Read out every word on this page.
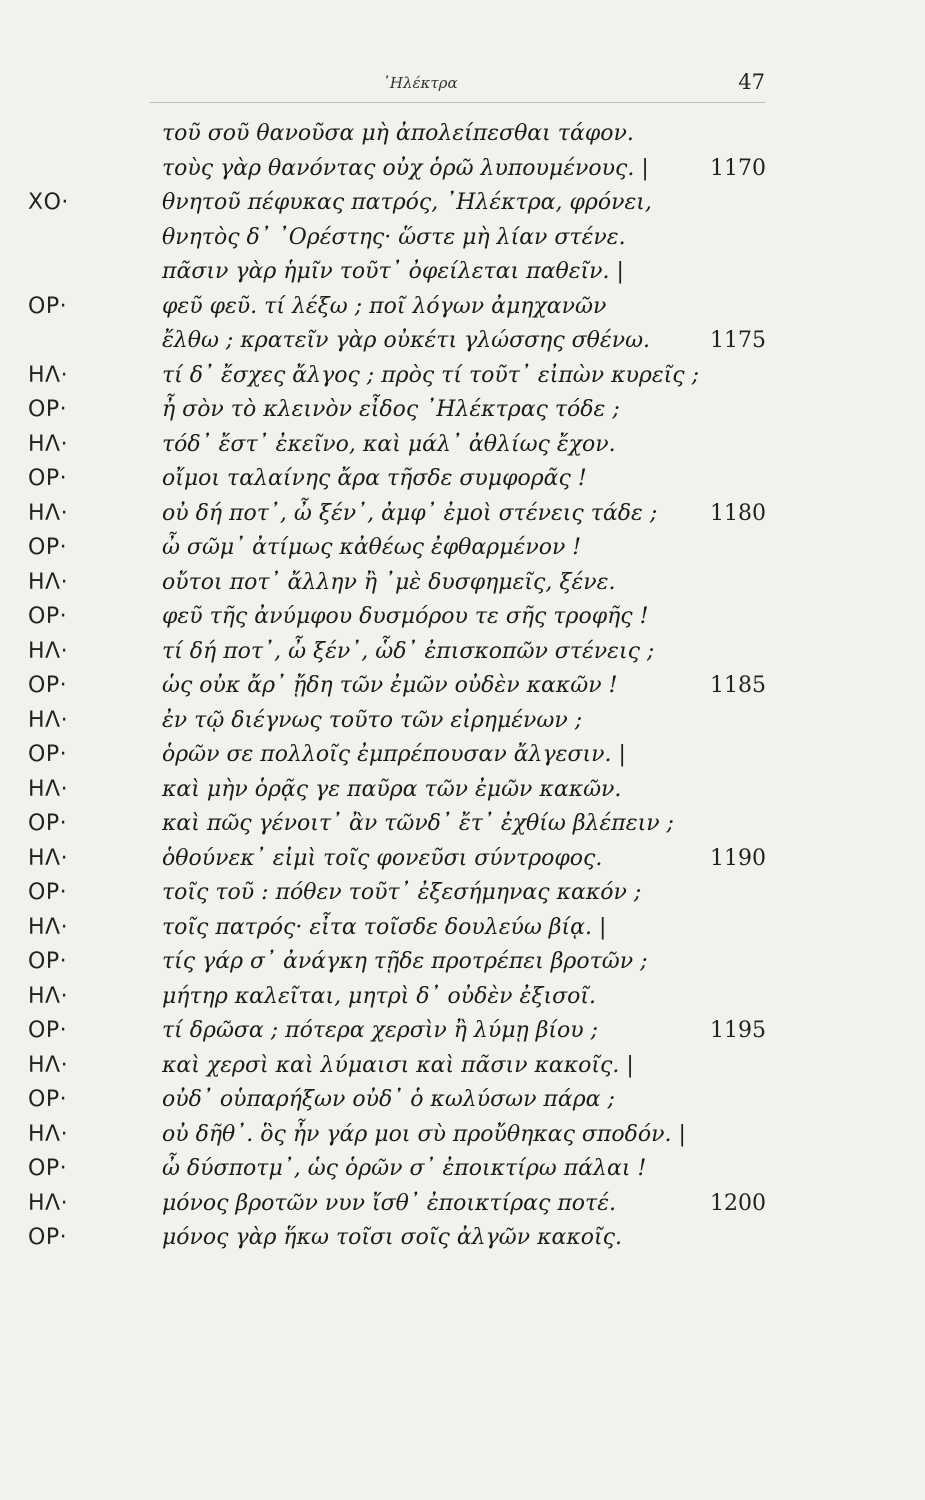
᾿Ηλέκτρα	47
τοῦ σοῦ θανοῦσα μὴ ἀπολείπεσθαι τάφον.
τοὺς γὰρ θανόντας οὐχ ὁρῶ λυπουμένους. |	1170
ΧΟ·	θνητοῦ πέφυκας πατρός, ᾿Ηλέκτρα, φρόνει,
θνητὸς δ᾿ ᾿Ορέστης· ὥστε μὴ λίαν στένε.
πᾶσιν γὰρ ἡμῖν τοῦτ᾿ ὀφείλεται παθεῖν. |
ΟΡ·	φεῦ φεῦ. τί λέξω ; ποῖ λόγων ἀμηχανῶν
ἔλθω ; κρατεῖν γὰρ οὐκέτι γλώσσης σθένω.	1175
ΗΛ·	τί δ᾿ ἔσχες ἄλγος ; πρὸς τί τοῦτ᾿ εἰπὼν κυρεῖς ;
ΟΡ·	ἦ σὸν τὸ κλεινὸν εἶδος ᾿Ηλέκτρας τόδε ;
ΗΛ·	τόδ᾿ ἔστ᾿ ἐκεῖνο, καὶ μάλ᾿ ἀθλίως ἔχον.
ΟΡ·	οἴμοι ταλαίνης ἄρα τῆσδε συμφορᾶς !
ΗΛ·	οὐ δή ποτ᾿, ὦ ξέν᾿, ἀμφ᾿ ἐμοὶ στένεις τάδε ;	1180
ΟΡ·	ὦ σῶμ᾿ ἀτίμως κἀθέως ἐφθαρμένον !
ΗΛ·	οὔτοι ποτ᾿ ἄλλην ἢ ᾿μὲ δυσφημεῖς, ξένε.
ΟΡ·	φεῦ τῆς ἀνύμφου δυσμόρου τε σῆς τροφῆς !
ΗΛ·	τί δή ποτ᾿, ὦ ξέν᾿, ὧδ᾿ ἐπισκοπῶν στένεις ;
ΟΡ·	ὡς οὐκ ἄρ᾿ ᾔδη τῶν ἐμῶν οὐδὲν κακῶν !	1185
ΗΛ·	ἐν τῷ διέγνως τοῦτο τῶν εἰρημένων ;
ΟΡ·	ὁρῶν σε πολλοῖς ἐμπρέπουσαν ἄλγεσιν. |
ΗΛ·	καὶ μὴν ὁρᾷς γε παῦρα τῶν ἐμῶν κακῶν.
ΟΡ·	καὶ πῶς γένοιτ᾿ ἂν τῶνδ᾿ ἔτ᾿ ἐχθίω βλέπειν ;
ΗΛ·	ὁθούνεκ᾿ εἰμὶ τοῖς φονεῦσι σύντροφος.	1190
ΟΡ·	τοῖς τοῦ : πόθεν τοῦτ᾿ ἐξεσήμηνας κακόν ;
ΗΛ·	τοῖς πατρός· εἶτα τοῖσδε δουλεύω βίᾳ. |
ΟΡ·	τίς γάρ σ᾿ ἀνάγκη τῇδε προτρέπει βροτῶν ;
ΗΛ·	μήτηρ καλεῖται, μητρὶ δ᾿ οὐδὲν ἐξισοῖ.
ΟΡ·	τί δρῶσα ; πότερα χερσὶν ἢ λύμῃ βίου ;	1195
ΗΛ·	καὶ χερσὶ καὶ λύμαισι καὶ πᾶσιν κακοῖς. |
ΟΡ·	οὐδ᾿ οὑπαρήξων οὐδ᾿ ὁ κωλύσων πάρα ;
ΗΛ·	οὐ δῆθ᾿. ὃς ἦν γάρ μοι σὺ προὔθηκας σποδόν. |
ΟΡ·	ὦ δύσποτμ᾿, ὡς ὁρῶν σ᾿ ἐποικτίρω πάλαι !
ΗΛ·	μόνος βροτῶν νυν ἴσθ᾿ ἐποικτίρας ποτέ.	1200
ΟΡ·	μόνος γὰρ ἥκω τοῖσι σοῖς ἀλγῶν κακοῖς.
